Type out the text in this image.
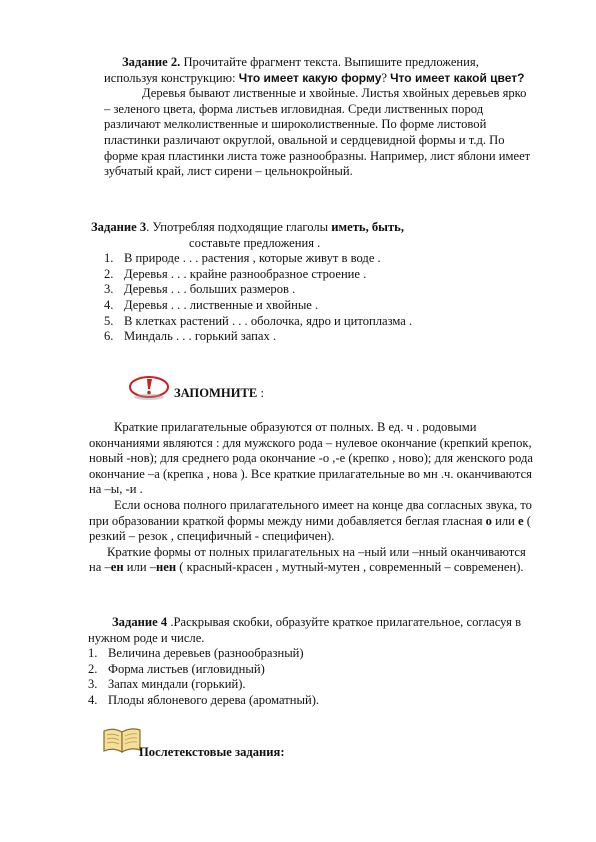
Задание 2. Прочитайте фрагмент текста. Выпишите предложения, используя конструкцию: Что имеет какую форму? Что имеет какой цвет?

Деревья бывают лиственные и хвойные. Листья хвойных деревьев ярко – зеленого цвета, форма листьев игловидная. Среди лиственных пород различают мелколиственные и широколиственные. По форме листовой пластинки различают округлой, овальной и сердцевидной формы и т.д. По форме края пластинки листа тоже разнообразны. Например, лист яблони имеет зубчатый край, лист сирени – цельнокройный.

Задание 3. Употребляя подходящие глаголы иметь, быть,

составьте предложения .

1. В природе . . . растения , которые живут в воде .
2. Деревья . . . крайне разнообразное строение .
3. Деревья . . . больших размеров .
4. Деревья . . . лиственные и хвойные .
5. В клетках растений . . . оболочка, ядро и цитоплазма .
6. Миндаль . . . горький запах .
ЗАПОМНИТЕ :

Краткие прилагательные образуются от полных. В ед. ч . родовыми окончаниями являются : для мужского рода – нулевое окончание (крепкий крепок, новый -нов); для среднего рода окончание -о ,-е (крепко , ново); для женского рода окончание –а (крепка , нова ). Все краткие прилагательные во мн .ч. оканчиваются на –ы, -и .

Если основа полного прилагательного имеет на конце два согласных звука, то при образовании краткой формы между ними добавляется беглая гласная о или е ( резкий – резок , специфичный - специфичен).

Краткие формы от полных прилагательных на –ный или –нный оканчиваются на –ен или –нен ( красный-красен , мутный-мутен , современный – современен).

Задание 4 .Раскрывая скобки, образуйте краткое прилагательное, согласуя в нужном роде и числе.

1. Величина деревьев (разнообразный)
2. Форма листьев (игловидный)
3. Запах миндали (горький).
4. Плоды яблоневого дерева (ароматный).
Послетекстовые задания:
